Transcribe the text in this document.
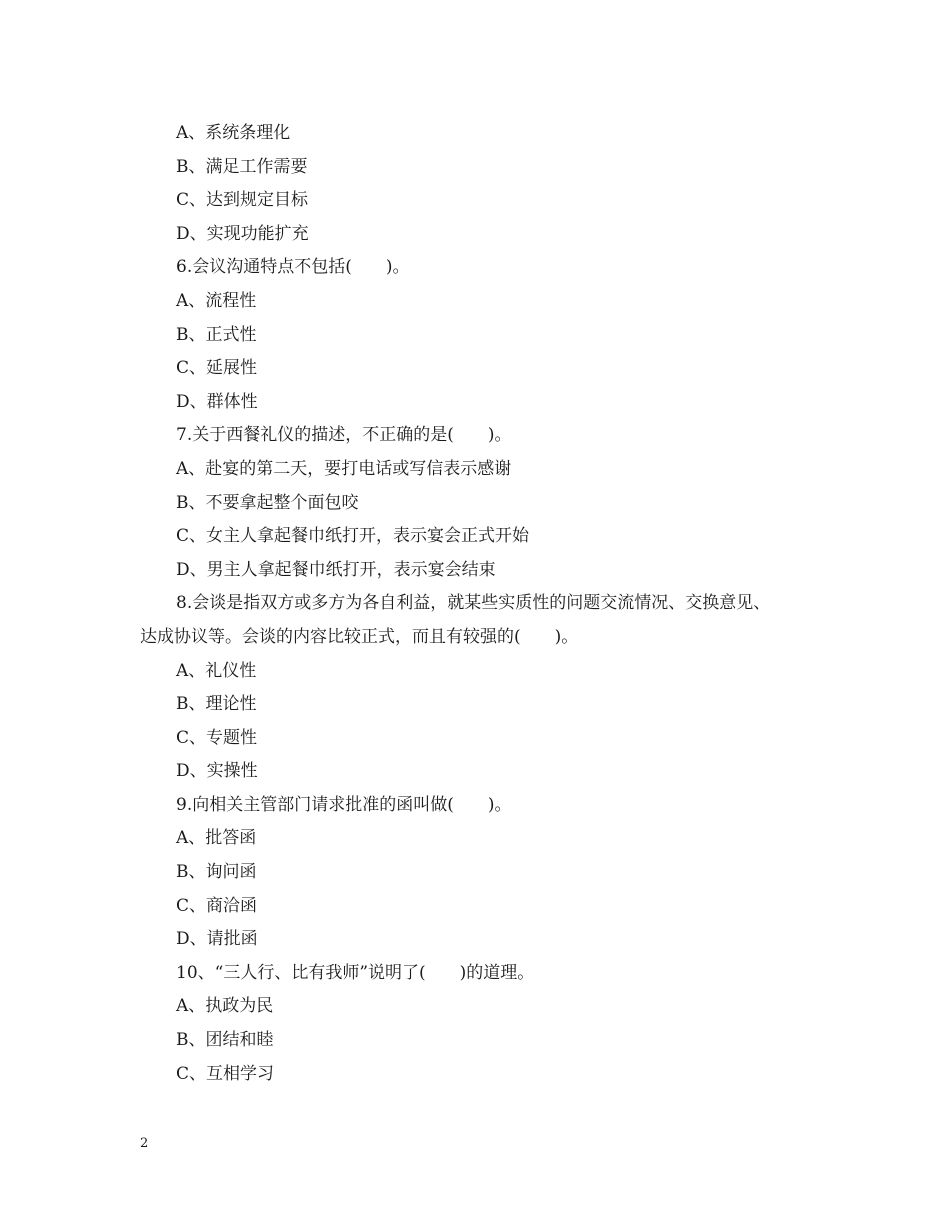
A、系统条理化
B、满足工作需要
C、达到规定目标
D、实现功能扩充
6.会议沟通特点不包括(　　)。
A、流程性
B、正式性
C、延展性
D、群体性
7.关于西餐礼仪的描述，不正确的是(　　)。
A、赴宴的第二天，要打电话或写信表示感谢
B、不要拿起整个面包咬
C、女主人拿起餐巾纸打开，表示宴会正式开始
D、男主人拿起餐巾纸打开，表示宴会结束
8.会谈是指双方或多方为各自利益，就某些实质性的问题交流情况、交换意见、
达成协议等。会谈的内容比较正式，而且有较强的(　　)。
A、礼仪性
B、理论性
C、专题性
D、实操性
9.向相关主管部门请求批准的函叫做(　　)。
A、批答函
B、询问函
C、商洽函
D、请批函
10、“三人行、比有我师”说明了(　　)的道理。
A、执政为民
B、团结和睦
C、互相学习
2
